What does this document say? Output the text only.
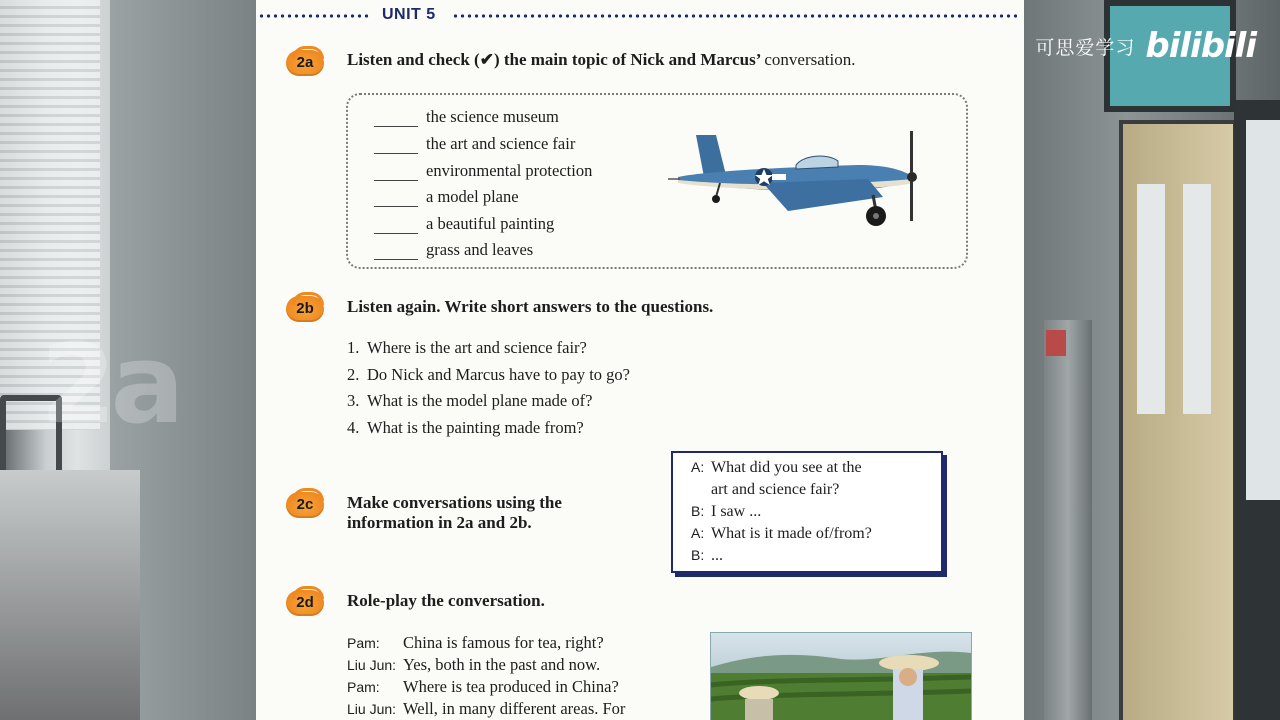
2a
可思爱学习 bilibili
UNIT 5
2a	Listen and check (✔) the main topic of Nick and Marcus’ conversation.
the science museum
the art and science fair
environmental protection
a model plane
a beautiful painting
grass and leaves
2b	Listen again. Write short answers to the questions.
1. Where is the art and science fair?
2. Do Nick and Marcus have to pay to go?
3. What is the model plane made of?
4. What is the painting made from?
2c	Make conversations using the
information in 2a and 2b.
A: What did you see at the
art and science fair?
B: I saw ...
A: What is it made of/from?
B: ...
2d	Role-play the conversation.
Pam:	China is famous for tea, right?
Liu Jun: Yes, both in the past and now.
Pam:	Where is tea produced in China?
Liu Jun: Well, in many different areas. For
